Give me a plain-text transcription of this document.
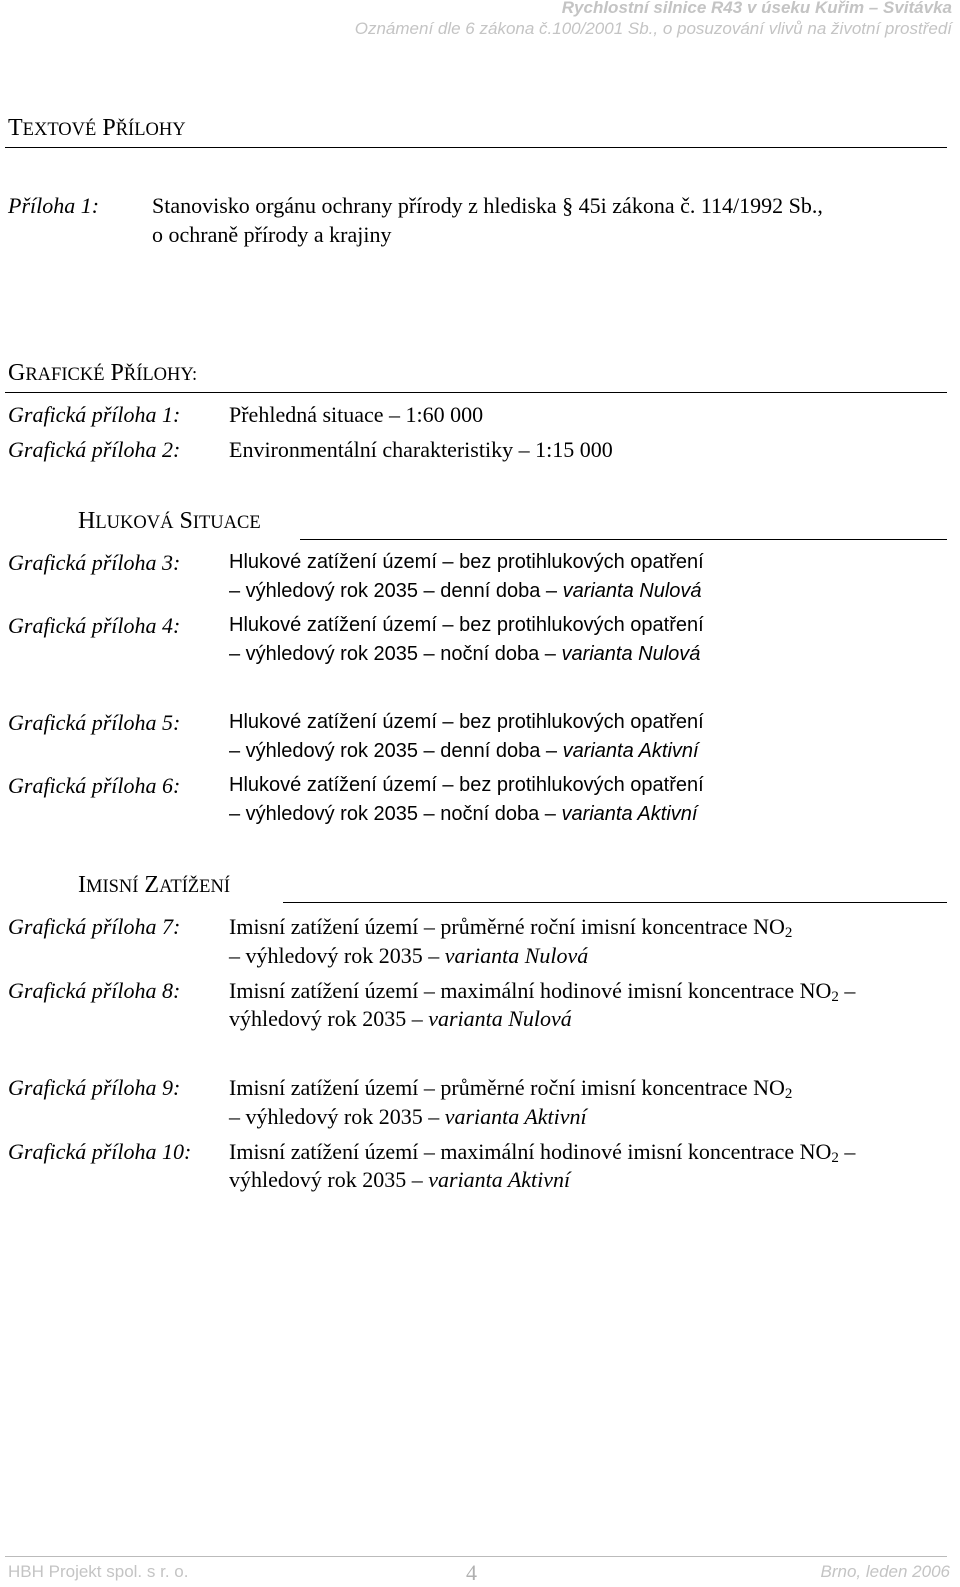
Rychlostní silnice R43 v úseku Kuřim – Svitávka
Oznámení dle 6 zákona č.100/2001 Sb., o posuzování vlivů na životní prostředí
TEXTOVÉ PŘÍLOHY
Příloha 1: Stanovisko orgánu ochrany přírody z hlediska § 45i zákona č. 114/1992 Sb.,
o ochraně přírody a krajiny
GRAFICKÉ PŘÍLOHY:
Grafická příloha 1: Přehledná situace – 1:60 000
Grafická příloha 2: Environmentální charakteristiky – 1:15 000
HLUKOVÁ SITUACE
Grafická příloha 3: Hlukové zatížení území – bez protihlukových opatření
– výhledový rok 2035 – denní doba – varianta Nulová
Grafická příloha 4: Hlukové zatížení území – bez protihlukových opatření
– výhledový rok 2035 – noční doba – varianta Nulová
Grafická příloha 5: Hlukové zatížení území – bez protihlukových opatření
– výhledový rok 2035 – denní doba – varianta Aktivní
Grafická příloha 6: Hlukové zatížení území – bez protihlukových opatření
– výhledový rok 2035 – noční doba – varianta Aktivní
IMISNÍ ZATÍŽENÍ
Grafická příloha 7: Imisní zatížení území – průměrné roční imisní koncentrace $NO_2$
– výhledový rok 2035 – varianta Nulová
Grafická příloha 8: Imisní zatížení území – maximální hodinové imisní koncentrace $NO_2$ –
výhledový rok 2035 – varianta Nulová
Grafická příloha 9: Imisní zatížení území – průměrné roční imisní koncentrace $NO_2$
– výhledový rok 2035 – varianta Aktivní
Grafická příloha 10: Imisní zatížení území – maximální hodinové imisní koncentrace $NO_2$ –
výhledový rok 2035 – varianta Aktivní
HBH Projekt spol. s r. o.	4	Brno, leden 2006
